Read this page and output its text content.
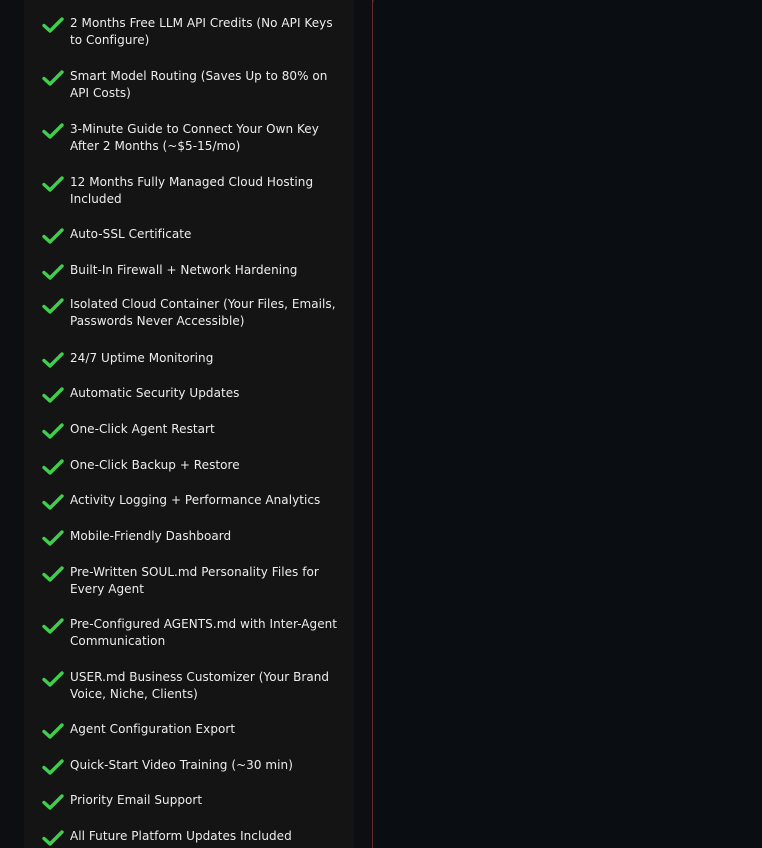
2 Months Free LLM API Credits (No API Keys to Configure)
Smart Model Routing (Saves Up to 80% on API Costs)
3-Minute Guide to Connect Your Own Key After 2 Months (~$5-15/mo)
12 Months Fully Managed Cloud Hosting Included
Auto-SSL Certificate
Built-In Firewall + Network Hardening
Isolated Cloud Container (Your Files, Emails, Passwords Never Accessible)
24/7 Uptime Monitoring
Automatic Security Updates
One-Click Agent Restart
One-Click Backup + Restore
Activity Logging + Performance Analytics
Mobile-Friendly Dashboard
Pre-Written SOUL.md Personality Files for Every Agent
Pre-Configured AGENTS.md with Inter-Agent Communication
USER.md Business Customizer (Your Brand Voice, Niche, Clients)
Agent Configuration Export
Quick-Start Video Training (~30 min)
Priority Email Support
All Future Platform Updates Included
